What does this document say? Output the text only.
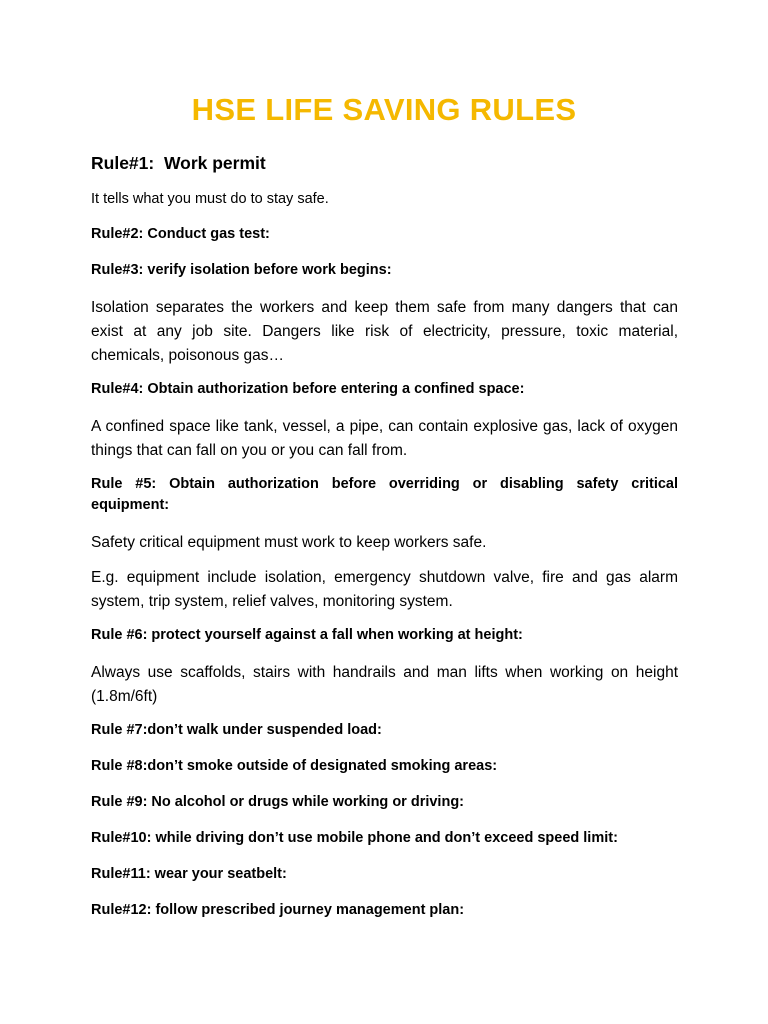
HSE LIFE SAVING RULES
Rule#1:  Work permit
It tells what you must do to stay safe.
Rule#2: Conduct gas test:
Rule#3: verify isolation before work begins:
Isolation separates the workers and keep them safe from many dangers that can exist at any job site. Dangers like risk of electricity, pressure, toxic material, chemicals, poisonous gas…
Rule#4: Obtain authorization before entering a confined space:
A confined space like tank, vessel, a pipe, can contain explosive gas, lack of oxygen things that can fall on you or you can fall from.
Rule #5: Obtain authorization before overriding or disabling safety critical equipment:
Safety critical equipment must work to keep workers safe.
E.g. equipment include isolation, emergency shutdown valve, fire and gas alarm system, trip system, relief valves, monitoring system.
Rule #6: protect yourself against a fall when working at height:
Always use scaffolds, stairs with handrails and man lifts when working on height (1.8m/6ft)
Rule #7:don’t walk under suspended load:
Rule #8:don’t smoke outside of designated smoking areas:
Rule #9: No alcohol or drugs while working or driving:
Rule#10: while driving don’t use mobile phone and don’t exceed speed limit:
Rule#11: wear your seatbelt:
Rule#12: follow prescribed journey management plan:
